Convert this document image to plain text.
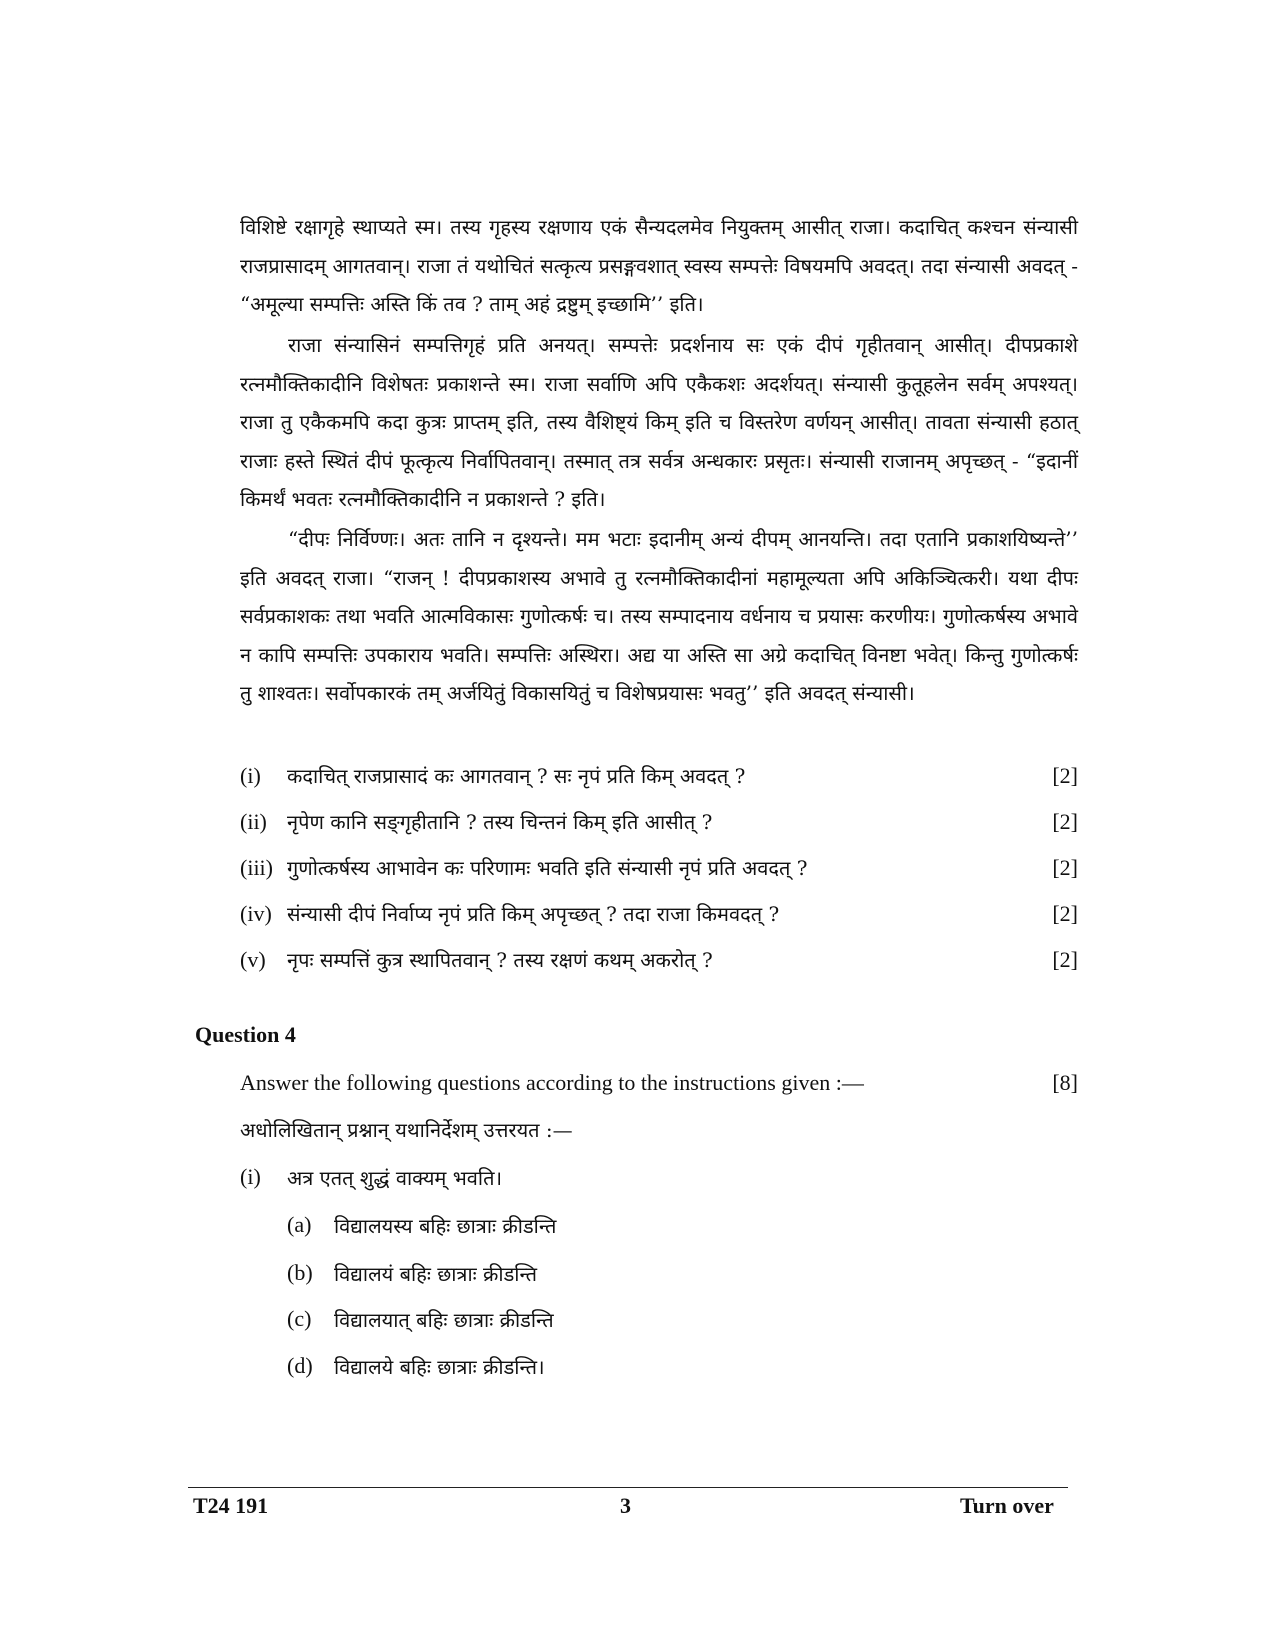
विशिष्टे रक्षागृहे स्थाप्यते स्म। तस्य गृहस्य रक्षणाय एकं सैन्यदलमेव नियुक्तम् आसीत् राजा। कदाचित् कश्चन संन्यासी राजप्रासादम् आगतवान्। राजा तं यथोचितं सत्कृत्य प्रसङ्गवशात् स्वस्य सम्पत्तेः विषयमपि अवदत्। तदा संन्यासी अवदत् - “अमूल्या सम्पत्तिः अस्ति किं तव ? ताम् अहं द्रष्टुम् इच्छामि’’ इति।

राजा संन्यासिनं सम्पत्तिगृहं प्रति अनयत्। सम्पत्तेः प्रदर्शनाय सः एकं दीपं गृहीतवान् आसीत्। दीपप्रकाशे रत्नमौक्तिकादीनि विशेषतः प्रकाशन्ते स्म। राजा सर्वाणि अपि एकैकशः अदर्शयत्। संन्यासी कुतूहलेन सर्वम् अपश्यत्। राजा तु एकैकमपि कदा कुत्रः प्राप्तम् इति, तस्य वैशिष्ट्यं किम् इति च विस्तरेण वर्णयन् आसीत्। तावता संन्यासी हठात् राजाः हस्ते स्थितं दीपं फूत्कृत्य निर्वापितवान्। तस्मात् तत्र सर्वत्र अन्धकारः प्रसृतः। संन्यासी राजानम् अपृच्छत् - “इदानीं किमर्थं भवतः रत्नमौक्तिकादीनि न प्रकाशन्ते ? इति।

“दीपः निर्विण्णः। अतः तानि न दृश्यन्ते। मम भटाः इदानीम् अन्यं दीपम् आनयन्ति। तदा एतानि प्रकाशयिष्यन्ते’’ इति अवदत् राजा। “राजन् ! दीपप्रकाशस्य अभावे तु रत्नमौक्तिकादीनां महामूल्यता अपि अकिञ्चित्करी। यथा दीपः सर्वप्रकाशकः तथा भवति आत्मविकासः गुणोत्कर्षः च। तस्य सम्पादनाय वर्धनाय च प्रयासः करणीयः। गुणोत्कर्षस्य अभावे न कापि सम्पत्तिः उपकाराय भवति। सम्पत्तिः अस्थिरा। अद्य या अस्ति सा अग्रे कदाचित् विनष्टा भवेत्। किन्तु गुणोत्कर्षः तु शाश्वतः। सर्वोपकारकं तम् अर्जयितुं विकासयितुं च विशेषप्रयासः भवतु’’ इति अवदत् संन्यासी।

(i) कदाचित् राजप्रासादं कः आगतवान् ? सः नृपं प्रति किम् अवदत् ?	[2]
(ii) नृपेण कानि सङ्गृहीतानि ? तस्य चिन्तनं किम् इति आसीत् ?	[2]
(iii) गुणोत्कर्षस्य आभावेन कः परिणामः भवति इति संन्यासी नृपं प्रति अवदत् ?	[2]
(iv) संन्यासी दीपं निर्वाप्य नृपं प्रति किम् अपृच्छत् ? तदा राजा किमवदत् ?	[2]
(v) नृपः सम्पत्तिं कुत्र स्थापितवान् ? तस्य रक्षणं कथम् अकरोत् ?	[2]
Question 4
Answer the following questions according to the instructions given :—	[8]
अधोलिखितान् प्रश्नान् यथानिर्देशम् उत्तरयत :—
(i) अत्र एतत् शुद्धं वाक्यम् भवति।
(a) विद्यालयस्य बहिः छात्राः क्रीडन्ति
(b) विद्यालयं बहिः छात्राः क्रीडन्ति
(c) विद्यालयात् बहिः छात्राः क्रीडन्ति
(d) विद्यालये बहिः छात्राः क्रीडन्ति।
T24 191	3	Turn over
